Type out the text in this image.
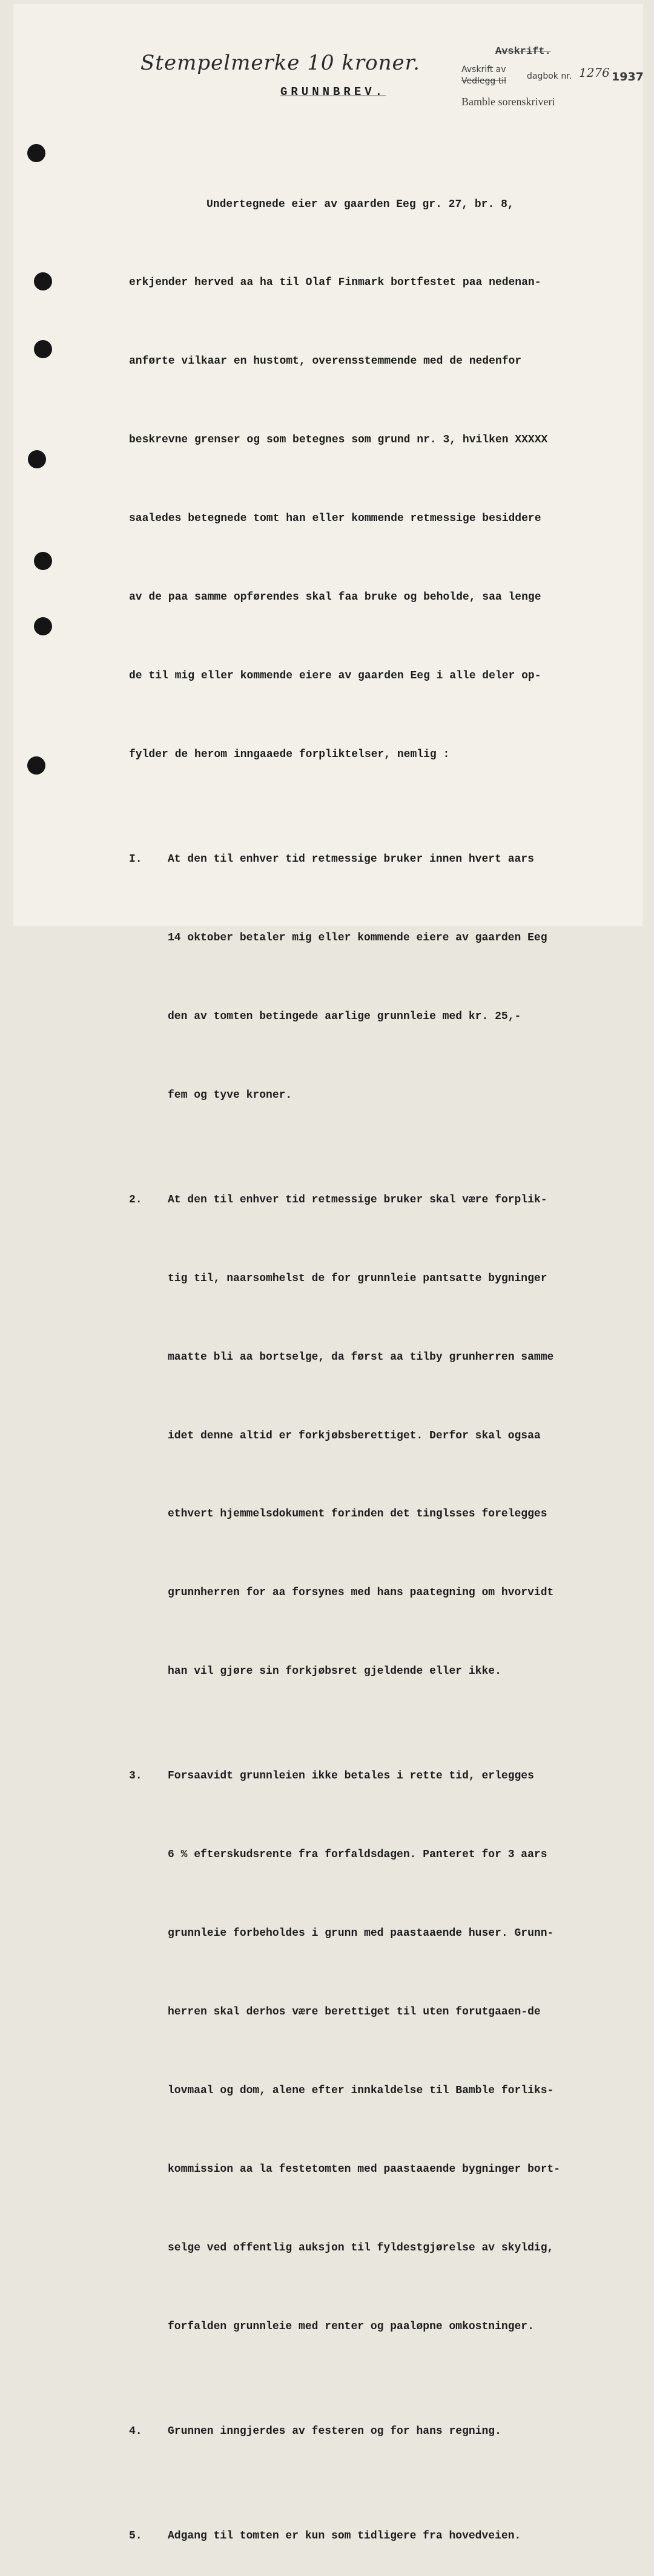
Stempelmerke 10 kroner.	Avskrift.
Avskrift av
Vedlegg til dagbok nr. 1276 1937
Bamble sorenskriveri
GRUNNBREV.

Undertegnede eier av gaarden Eeg gr. 27, br. 8,

erkjender herved aa ha til Olaf Finmark bortfestet paa nedenan-

anførte vilkaar en hustomt, overensstemmende med de nedenfor

beskrevne grenser og som betegnes som grund nr. 3, hvilken XXXXX

saaledes betegnede tomt han eller kommende retmessige besiddere

av de paa samme opførendes skal faa bruke og beholde, saa lenge

de til mig eller kommende eiere av gaarden Eeg i alle deler op-

fylder de herom inngaaede forpliktelser, nemlig :

I. At den til enhver tid retmessige bruker innen hvert aars

14 oktober betaler mig eller kommende eiere av gaarden Eeg

den av tomten betingede aarlige grunnleie med kr. 25,-

fem og tyve kroner.

2. At den til enhver tid retmessige bruker skal være forplik-

tig til, naarsomhelst de for grunnleie pantsatte bygninger

maatte bli aa bortselge, da først aa tilby grunherren samme

idet denne altid er forkjøbsberettiget. Derfor skal ogsaa

ethvert hjemmelsdokument forinden det tinglsses forelegges

grunnherren for aa forsynes med hans paategning om hvorvidt

han vil gjøre sin forkjøbsret gjeldende eller ikke.

3. Forsaavidt grunnleien ikke betales i rette tid, erlegges

6 % efterskudsrente fra forfaldsdagen. Panteret for 3 aars

grunnleie forbeholdes i grunn med paastaaende huser. Grunn-

herren skal derhos være berettiget til uten forutgaaen-de

lovmaal og dom, alene efter innkaldelse til Bamble forliks-

kommission aa la festetomten med paastaaende bygninger bort-

selge ved offentlig auksjon til fyldestgjørelse av skyldig,

forfalden grunnleie med renter og paaløpne omkostninger.

4. Grunnen inngjerdes av festeren og for hans regning.

5. Adgang til tomten er kun som tidligere fra hovedveien.
